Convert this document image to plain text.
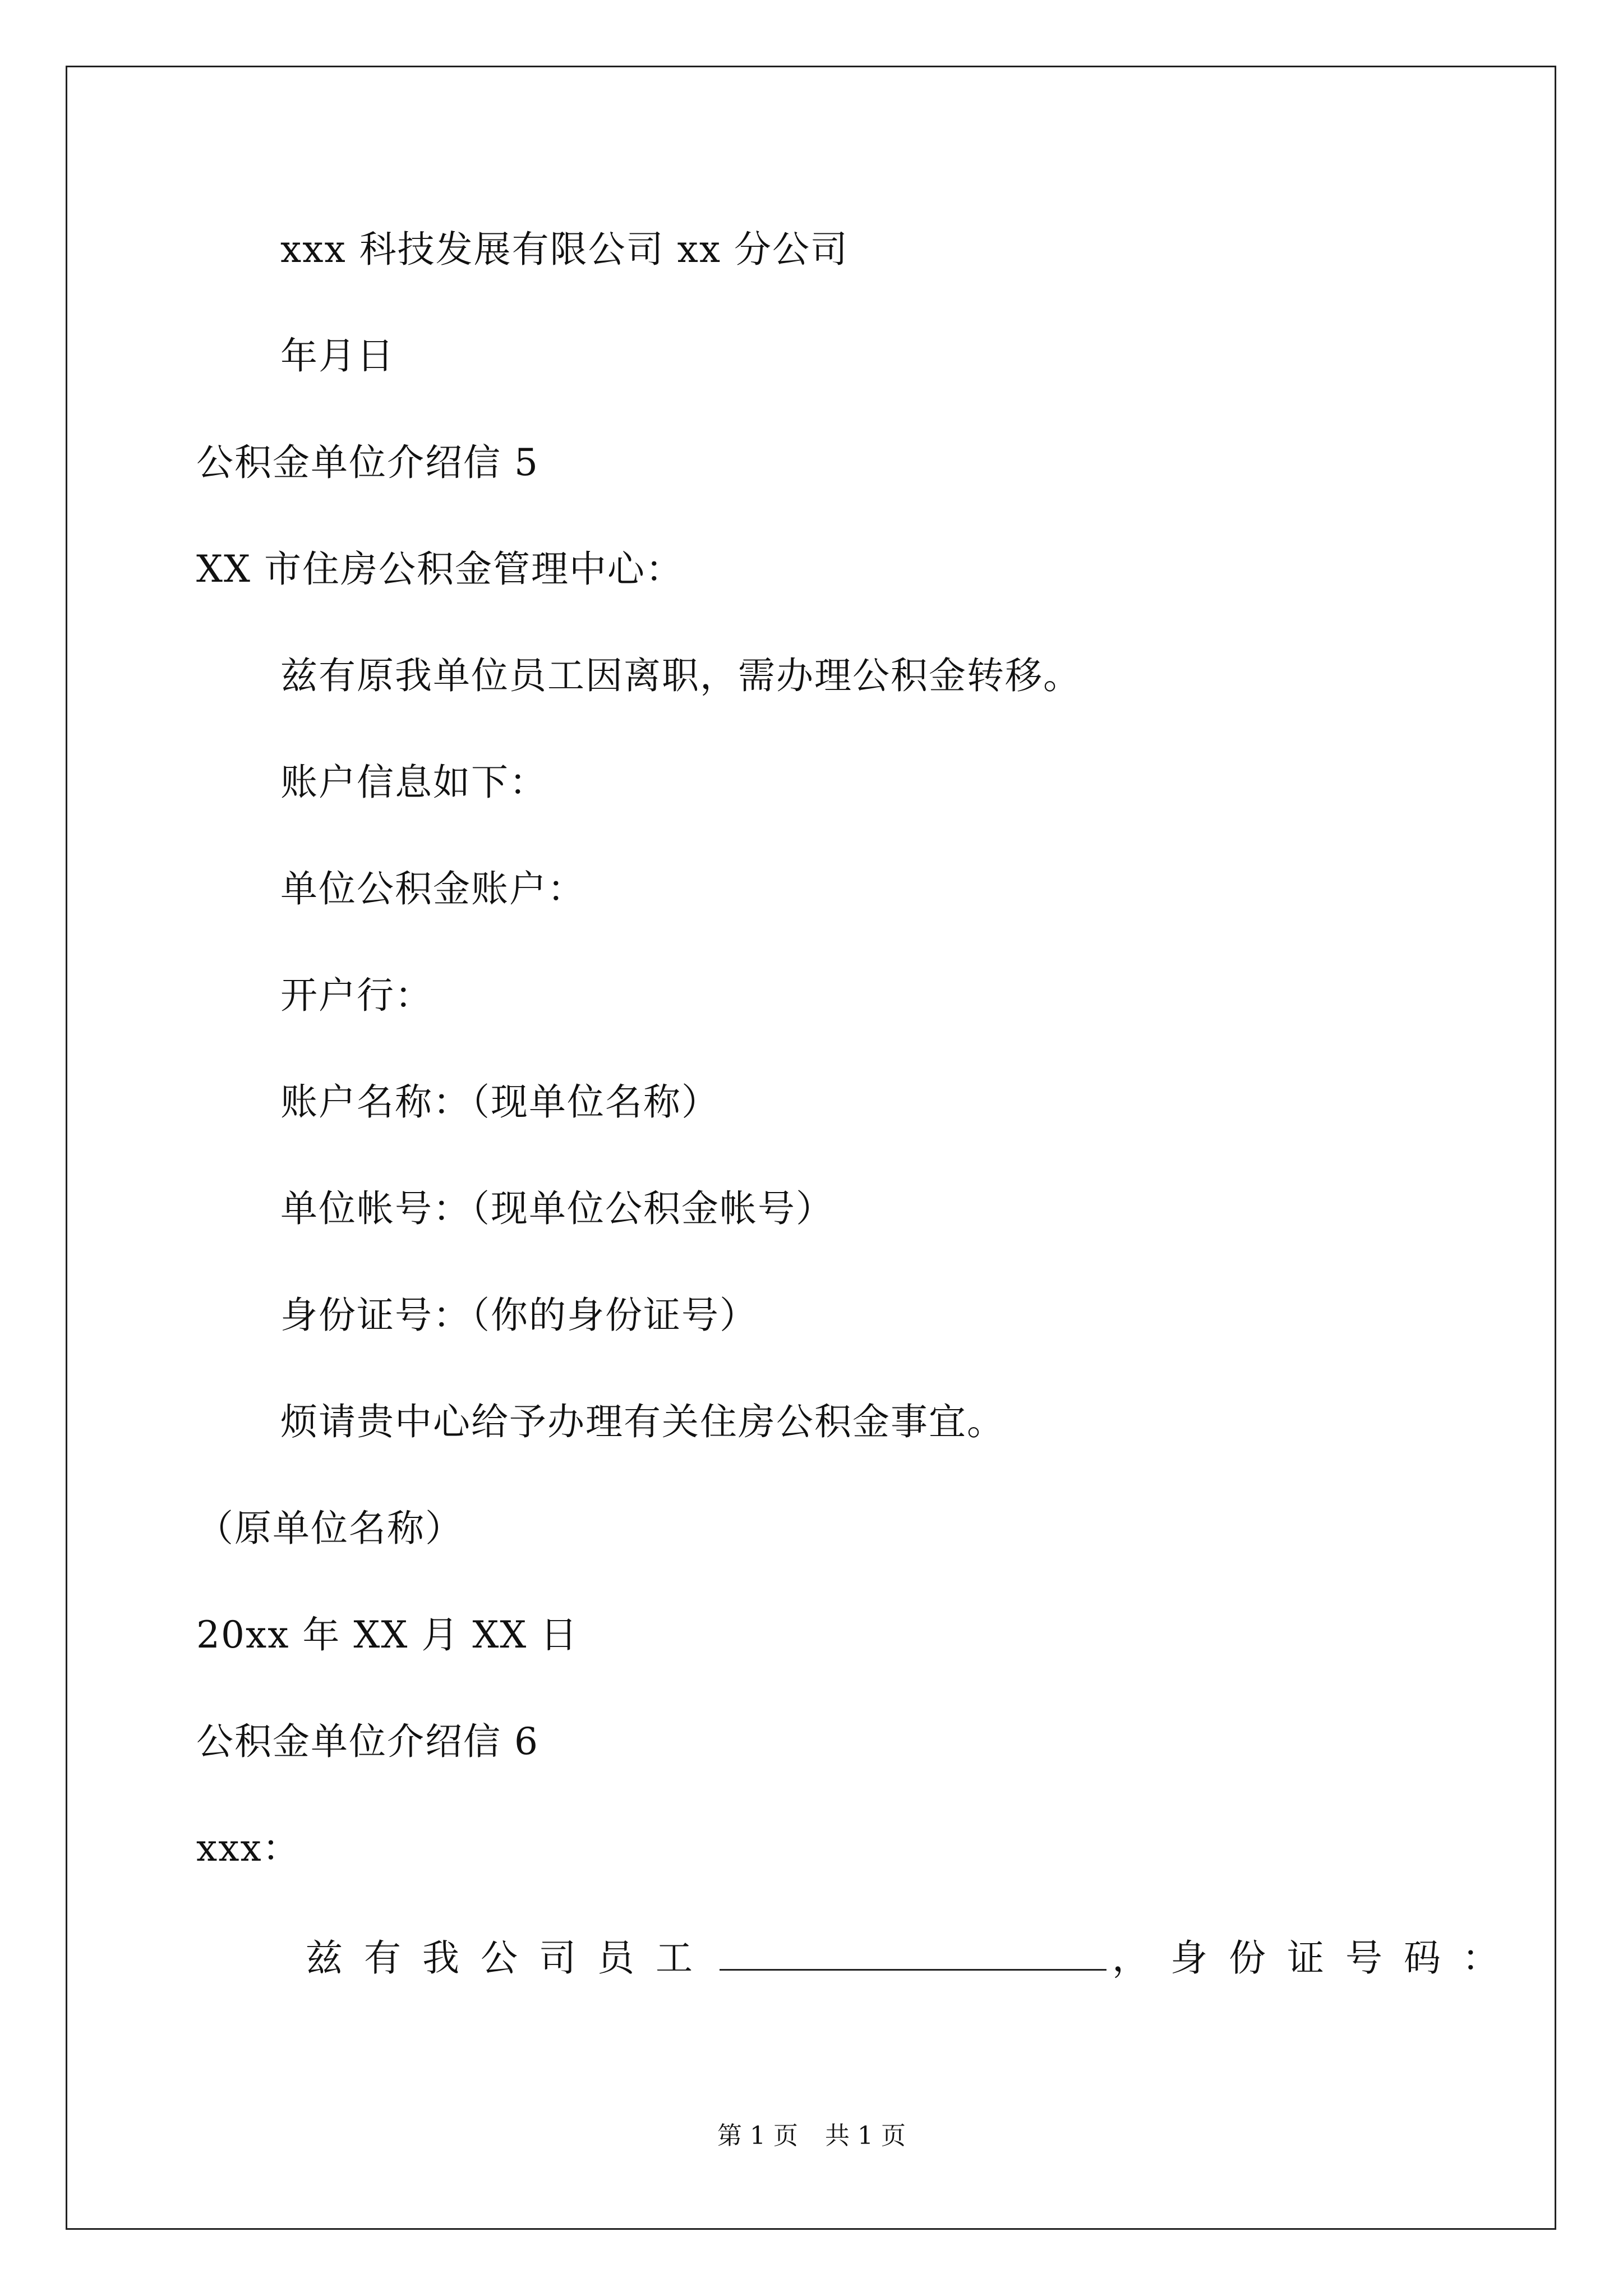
xxx 科技发展有限公司 xx 分公司
年月日
公积金单位介绍信 5
XX 市住房公积金管理中心：
兹有原我单位员工因离职，需办理公积金转移。
账户信息如下：
单位公积金账户：
开户行：
账户名称：（现单位名称）
单位帐号：（现单位公积金帐号）
身份证号：（你的身份证号）
烦请贵中心给予办理有关住房公积金事宜。
（原单位名称）
20xx 年 XX 月 XX 日
公积金单位介绍信 6
xxx：
兹有我公司员工	，身份证号码：
第 1 页 共 1 页
